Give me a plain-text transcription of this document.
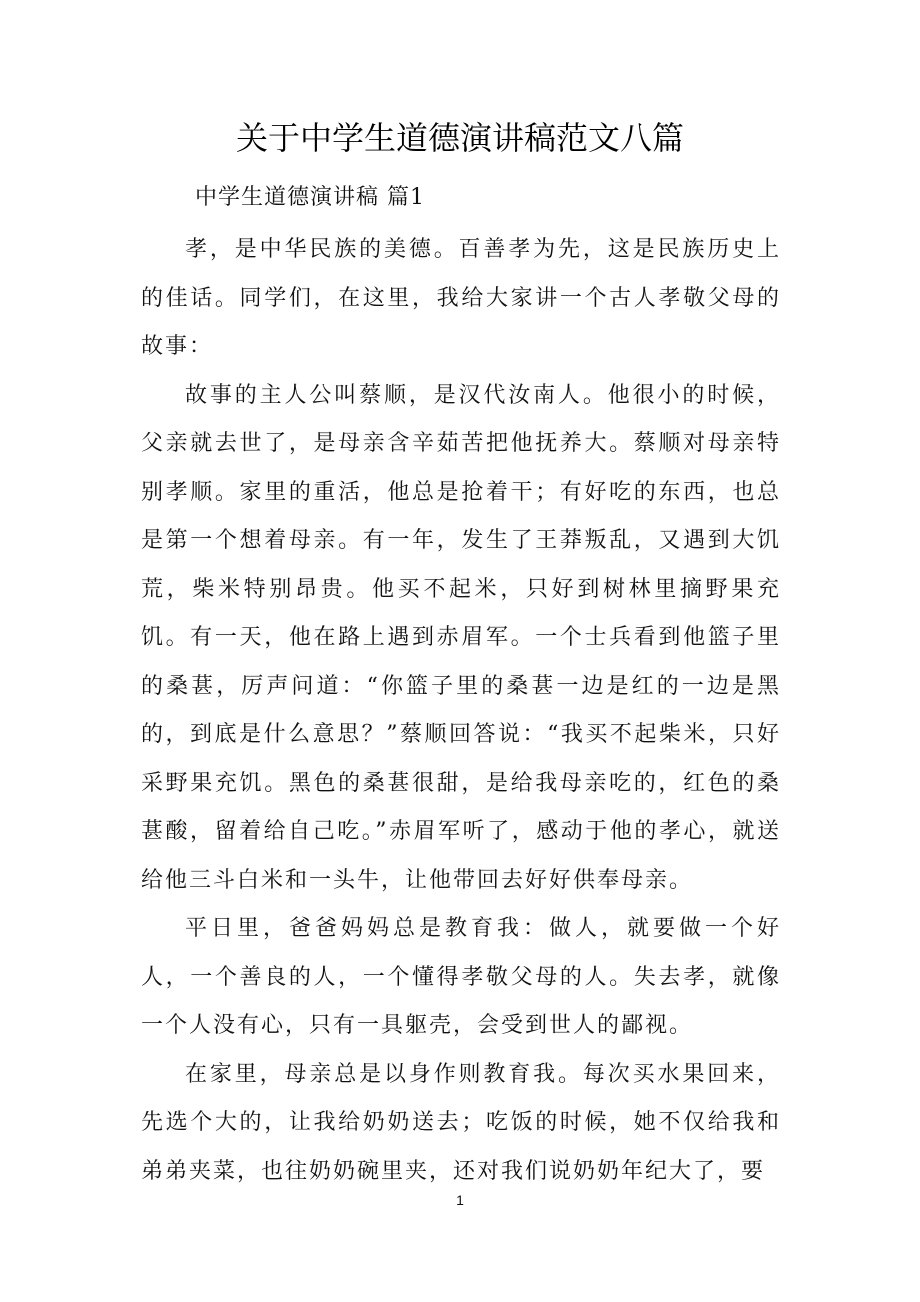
关于中学生道德演讲稿范文八篇

中学生道德演讲稿 篇1

孝，是中华民族的美德。百善孝为先，这是民族历史上的佳话。同学们，在这里，我给大家讲一个古人孝敬父母的故事：

故事的主人公叫蔡顺，是汉代汝南人。他很小的时候，父亲就去世了，是母亲含辛茹苦把他抚养大。蔡顺对母亲特别孝顺。家里的重活，他总是抢着干；有好吃的东西，也总是第一个想着母亲。有一年，发生了王莽叛乱，又遇到大饥荒，柴米特别昂贵。他买不起米，只好到树林里摘野果充饥。有一天，他在路上遇到赤眉军。一个士兵看到他篮子里的桑葚，厉声问道：“你篮子里的桑葚一边是红的一边是黑的，到底是什么意思？”蔡顺回答说：“我买不起柴米，只好采野果充饥。黑色的桑葚很甜，是给我母亲吃的，红色的桑葚酸，留着给自己吃。”赤眉军听了，感动于他的孝心，就送给他三斗白米和一头牛，让他带回去好好供奉母亲。

平日里，爸爸妈妈总是教育我：做人，就要做一个好人，一个善良的人，一个懂得孝敬父母的人。失去孝，就像一个人没有心，只有一具躯壳，会受到世人的鄙视。

在家里，母亲总是以身作则教育我。每次买水果回来，先选个大的，让我给奶奶送去；吃饭的时候，她不仅给我和弟弟夹菜，也往奶奶碗里夹，还对我们说奶奶年纪大了，要

1
